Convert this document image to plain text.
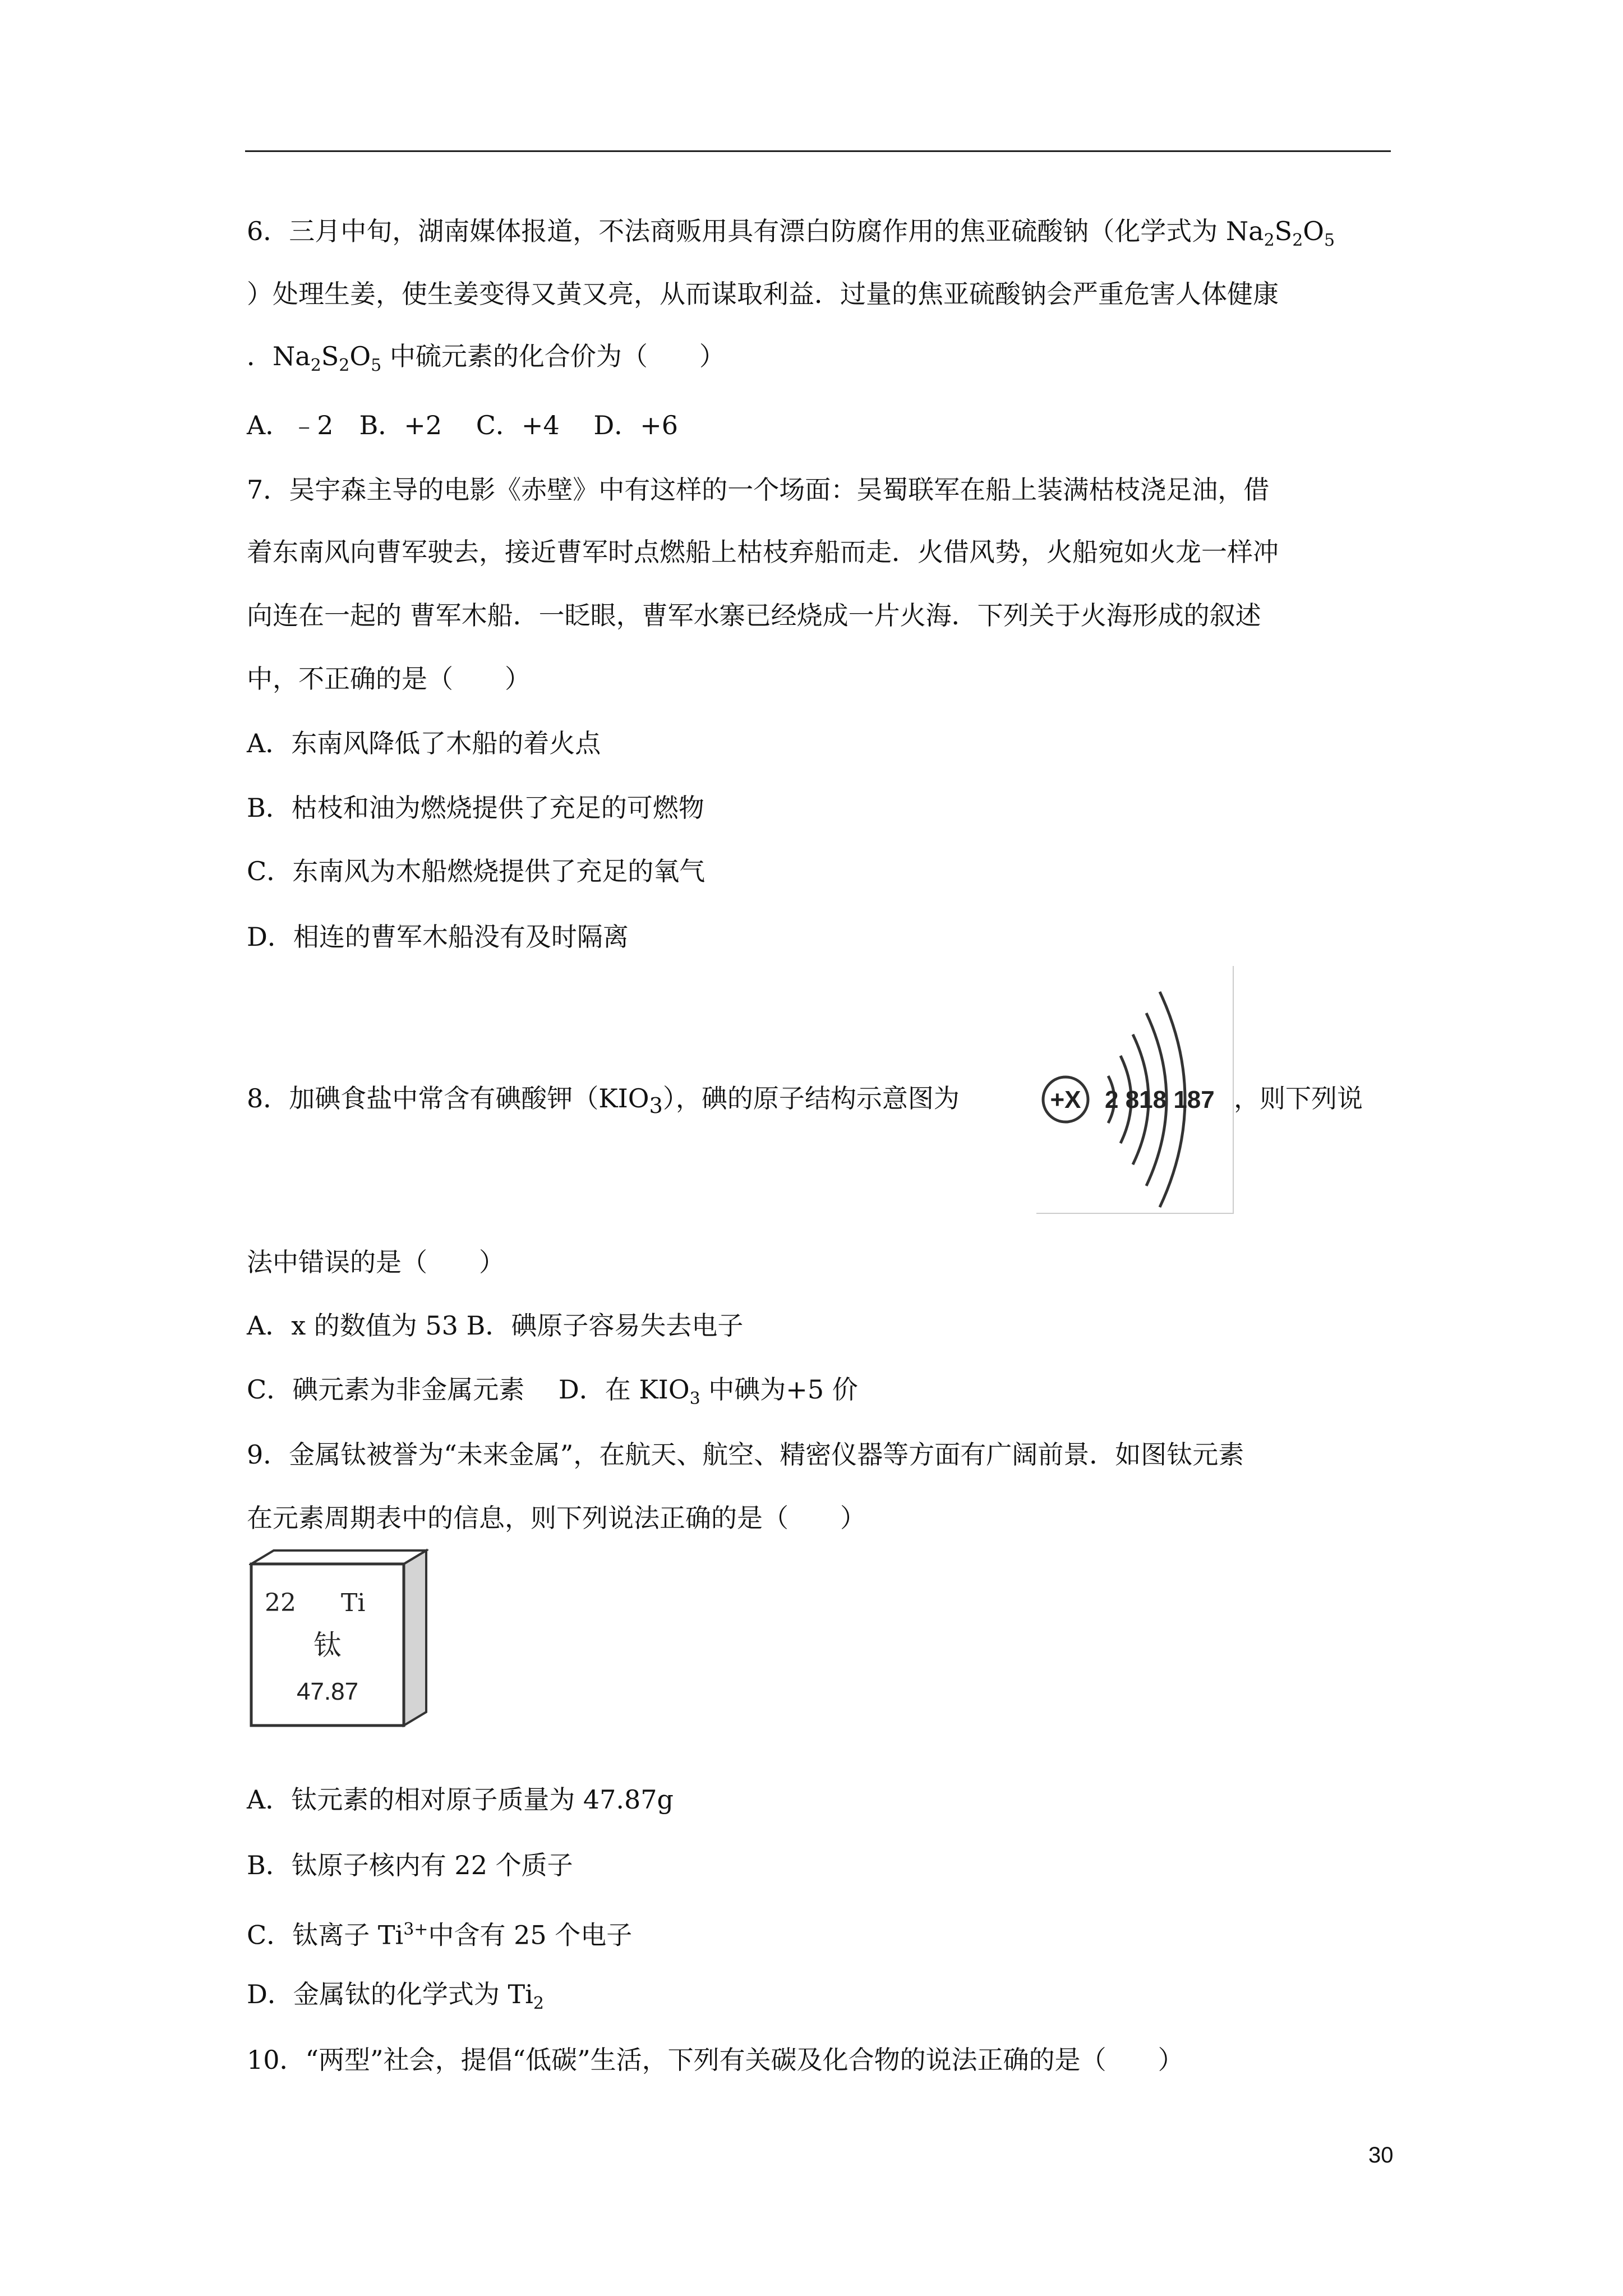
6．三月中旬，湖南媒体报道，不法商贩用具有漂白防腐作用的焦亚硫酸钠（化学式为 $Na_2S_2O_5$
）处理生姜，使生姜变得又黄又亮，从而谋取利益．过量的焦亚硫酸钠会严重危害人体健康
．$Na_2S_2O_5$ 中硫元素的化合价为（　　）
A．﹣2　B．+2　 C．+4　 D．+6
7．吴宇森主导的电影《赤壁》中有这样的一个场面：吴蜀联军在船上装满枯枝浇足油，借
着东南风向曹军驶去，接近曹军时点燃船上枯枝弃船而走．火借风势，火船宛如火龙一样冲
向连在一起的 曹军木船．一眨眼，曹军水寨已经烧成一片火海．下列关于火海形成的叙述
中，不正确的是（　　）
A．东南风降低了木船的着火点
B．枯枝和油为燃烧提供了充足的可燃物
C．东南风为木船燃烧提供了充足的氧气
D．相连的曹军木船没有及时隔离
8．加碘食盐中常含有碘酸钾$(KIO_3)$，碘的原子结构示意图为	+X 2 818 187 ，则下列说
法中错误的是（　　）
A．x 的数值为 53 B．碘原子容易失去电子
C．碘元素为非金属元素　 D．在 $KIO_3$ 中碘为+5 价
9．金属钛被誉为“未来金属”，在航天、航空、精密仪器等方面有广阔前景．如图钛元素
在元素周期表中的信息，则下列说法正确的是（　　）
22 Ti
钛
47.87
A．钛元素的相对原子质量为 47.87g
B．钛原子核内有 22 个质子
C．钛离子 $Ti^{3+}$中含有 25 个电子
D．金属钛的化学式为 $Ti_2$
10．“两型”社会，提倡“低碳”生活，下列有关碳及化合物的说法正确的是（　　）
30
